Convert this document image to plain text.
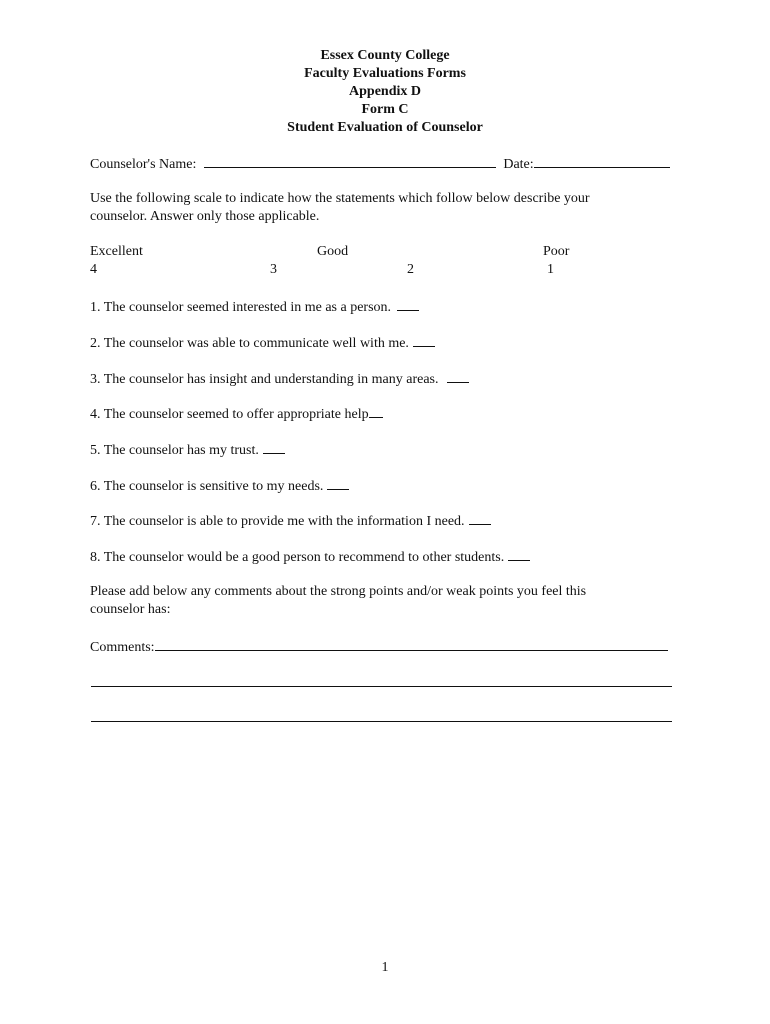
Essex County College
Faculty Evaluations Forms
Appendix D
Form C
Student Evaluation of Counselor
Counselor's Name:	Date:
Use the following scale to indicate how the statements which follow below describe your
counselor. Answer only those applicable.
Excellent	Good	Poor
4	3	2	1
1. The counselor seemed interested in me as a person.
2. The counselor was able to communicate well with me.
3. The counselor has insight and understanding in many areas.
4. The counselor seemed to offer appropriate help
5. The counselor has my trust.
6. The counselor is sensitive to my needs.
7. The counselor is able to provide me with the information I need.
8. The counselor would be a good person to recommend to other students.
Please add below any comments about the strong points and/or weak points you feel this
counselor has:
Comments:
1
